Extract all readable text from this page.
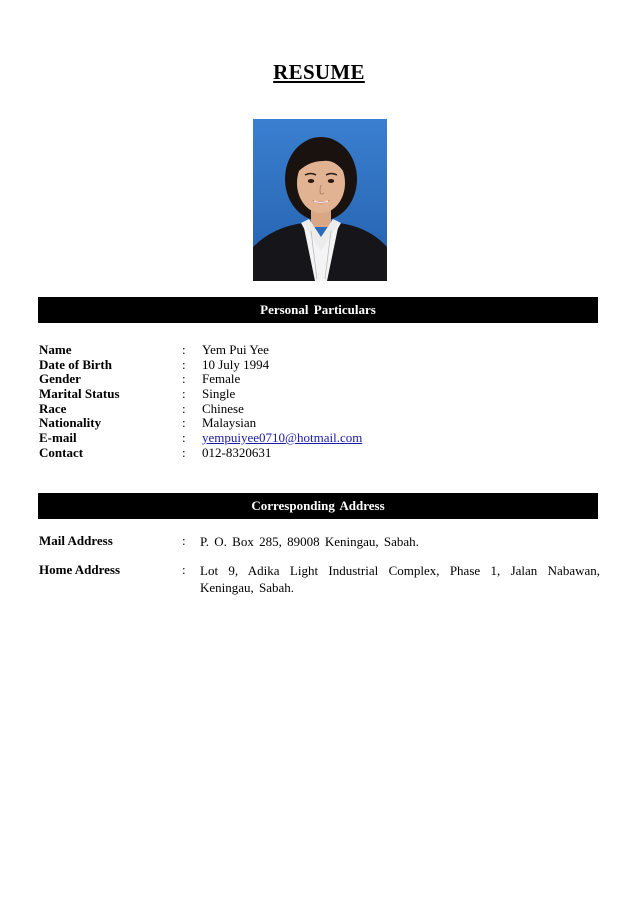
RESUME
Personal Particulars
Name	: Yem Pui Yee
Date of Birth	: 10 July 1994
Gender	: Female
Marital Status	: Single
Race	: Chinese
Nationality	: Malaysian
E-mail	: yempuiyee0710@hotmail.com
Contact	: 012-8320631
Corresponding Address
Mail Address	: P. O. Box 285, 89008 Keningau, Sabah.
Home Address	: Lot 9, Adika Light Industrial Complex, Phase 1, Jalan Nabawan, Keningau, Sabah.
